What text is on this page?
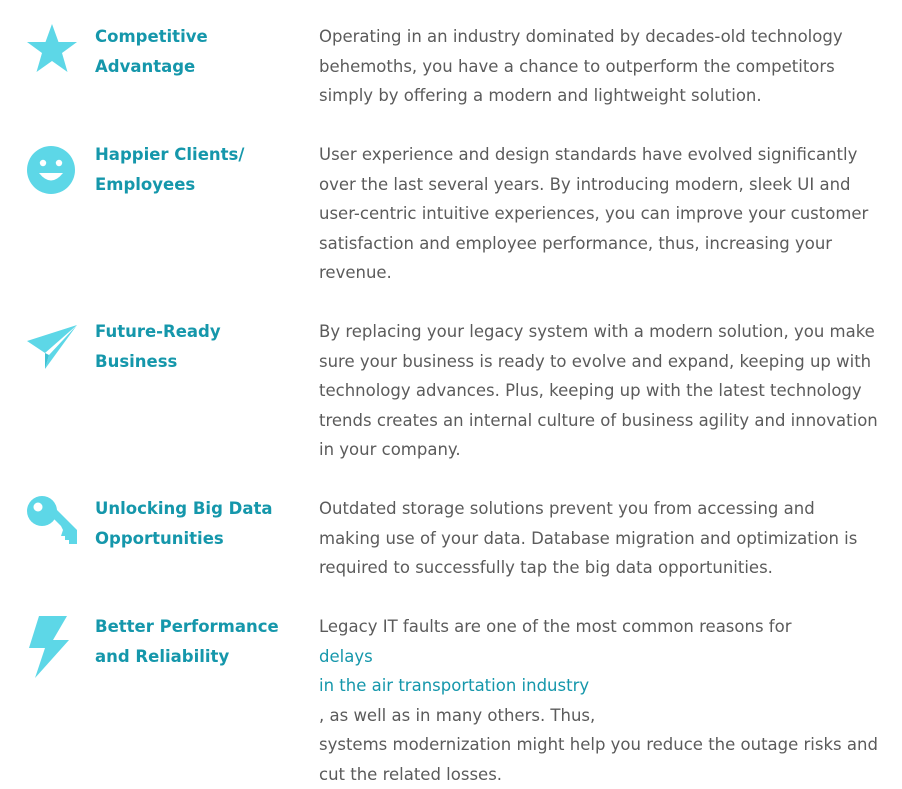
Competitive
Advantage
Operating in an industry dominated by decades-old technology
behemoths, you have a chance to outperform the competitors
simply by offering a modern and lightweight solution.
Happier Clients/
Employees
User experience and design standards have evolved significantly
over the last several years. By introducing modern, sleek UI and
user-centric intuitive experiences, you can improve your customer
satisfaction and employee performance, thus, increasing your
revenue.
Future-Ready
Business
By replacing your legacy system with a modern solution, you make
sure your business is ready to evolve and expand, keeping up with
technology advances. Plus, keeping up with the latest technology
trends creates an internal culture of business agility and innovation
in your company.
Unlocking Big Data
Opportunities
Outdated storage solutions prevent you from accessing and
making use of your data. Database migration and optimization is
required to successfully tap the big data opportunities.
Better Performance
and Reliability
Legacy IT faults are one of the most common reasons for
delays
in the air transportation industry
, as well as in many others. Thus,
systems modernization might help you reduce the outage risks and
cut the related losses.
